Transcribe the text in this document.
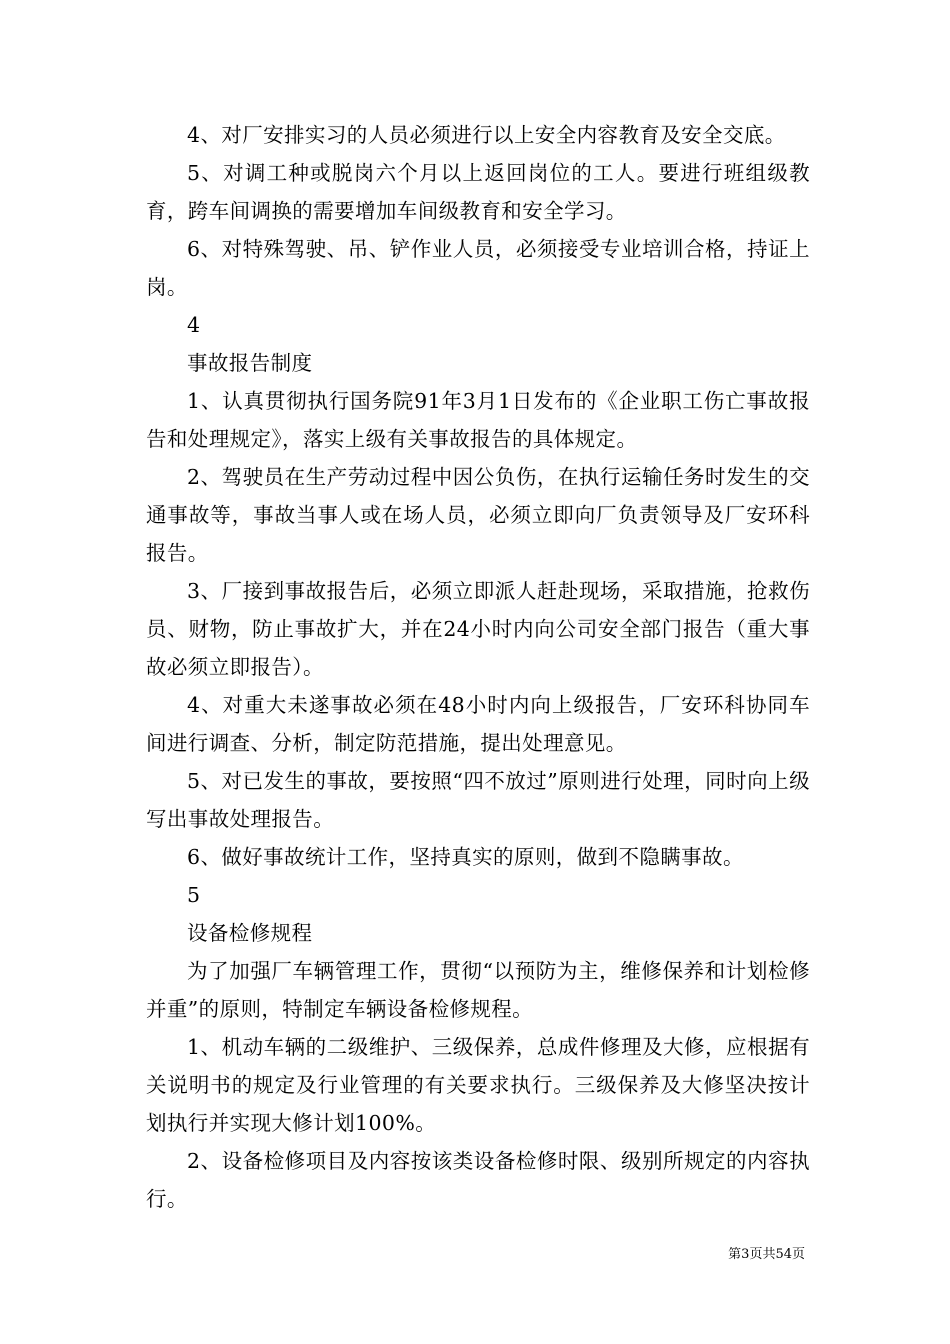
4、对厂安排实习的人员必须进行以上安全内容教育及安全交底。

5、对调工种或脱岗六个月以上返回岗位的工人。要进行班组级教育，跨车间调换的需要增加车间级教育和安全学习。

6、对特殊驾驶、吊、铲作业人员，必须接受专业培训合格，持证上岗。

4

事故报告制度

1、认真贯彻执行国务院91年3月1日发布的《企业职工伤亡事故报告和处理规定》，落实上级有关事故报告的具体规定。

2、驾驶员在生产劳动过程中因公负伤，在执行运输任务时发生的交通事故等，事故当事人或在场人员，必须立即向厂负责领导及厂安环科报告。

3、厂接到事故报告后，必须立即派人赶赴现场，采取措施，抢救伤员、财物，防止事故扩大，并在24小时内向公司安全部门报告（重大事故必须立即报告）。

4、对重大未遂事故必须在48小时内向上级报告，厂安环科协同车间进行调查、分析，制定防范措施，提出处理意见。

5、对已发生的事故，要按照“四不放过”原则进行处理，同时向上级写出事故处理报告。

6、做好事故统计工作，坚持真实的原则，做到不隐瞒事故。

5

设备检修规程

为了加强厂车辆管理工作，贯彻“以预防为主，维修保养和计划检修并重”的原则，特制定车辆设备检修规程。

1、机动车辆的二级维护、三级保养，总成件修理及大修，应根据有关说明书的规定及行业管理的有关要求执行。三级保养及大修坚决按计划执行并实现大修计划100%。

2、设备检修项目及内容按该类设备检修时限、级别所规定的内容执行。

第3页共54页
